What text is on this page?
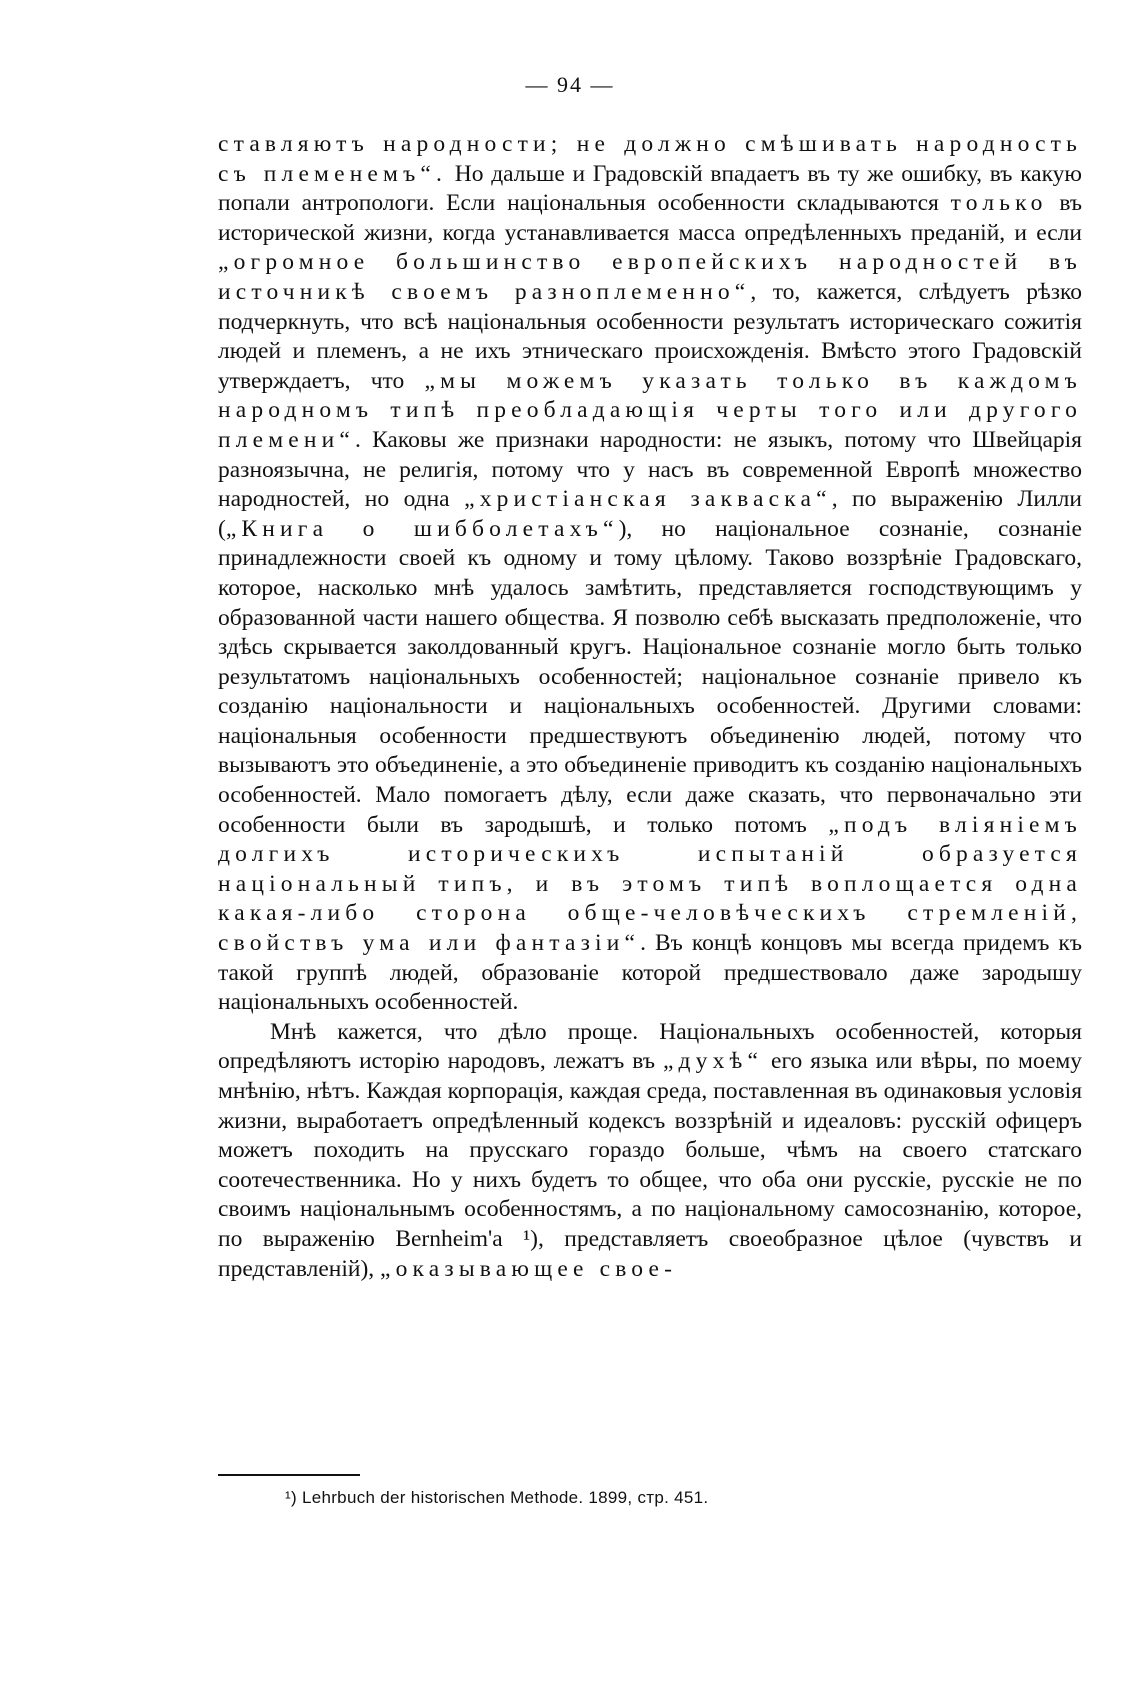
— 94 —

ставляютъ народности; не должно смѣшивать народность съ племенемъ“. Но дальше и Градовскій впадаетъ въ ту же ошибку, въ какую попали антропологи. Если національныя особенности складываются только въ исторической жизни, когда устанавливается масса опредѣленныхъ преданій, и если „огромное большинство европейскихъ народностей въ источникѣ своемъ разноплеменно“, то, кажется, слѣдуетъ рѣзко подчеркнуть, что всѣ національныя особенности результатъ историческаго сожитія людей и племенъ, а не ихъ этническаго происхожденія. Вмѣсто этого Градовскій утверждаетъ, что „мы можемъ указать только въ каждомъ народномъ типѣ преобладающія черты того или другого племени“. Каковы же признаки народности: не языкъ, потому что Швейцарія разноязычна, не религія, потому что у насъ въ современной Европѣ множество народностей, но одна „христіанская закваска“, по выраженію Лилли („Книга о шибболетахъ“), но національное сознаніе, сознаніе принадлежности своей къ одному и тому цѣлому. Таково воззрѣніе Градовскаго, которое, насколько мнѣ удалось замѣтить, представляется господствующимъ у образованной части нашего общества. Я позволю себѣ высказать предположеніе, что здѣсь скрывается заколдованный кругъ. Національное сознаніе могло быть только результатомъ національныхъ особенностей; національное сознаніе привело къ созданію національности и національныхъ особенностей. Другими словами: національныя особенности предшествуютъ объединенію людей, потому что вызываютъ это объединеніе, а это объединеніе приводитъ къ созданію національныхъ особенностей. Мало помогаетъ дѣлу, если даже сказать, что первоначально эти особенности были въ зародышѣ, и только потомъ „подъ вліяніемъ долгихъ историческихъ испытаній образуется національный типъ, и въ этомъ типѣ воплощается одна какая-либо сторона обще-человѣческихъ стремленій, свойствъ ума или фантазіи“. Въ концѣ концовъ мы всегда придемъ къ такой группѣ людей, образованіе которой предшествовало даже зародышу національныхъ особенностей.

Мнѣ кажется, что дѣло проще. Національныхъ особенностей, которыя опредѣляютъ исторію народовъ, лежатъ въ „духѣ“ его языка или вѣры, по моему мнѣнію, нѣтъ. Каждая корпорація, каждая среда, поставленная въ одинаковыя условія жизни, выработаетъ опредѣленный кодексъ воззрѣній и идеаловъ: русскій офицеръ можетъ походить на прусскаго гораздо больше, чѣмъ на своего статскаго соотечественника. Но у нихъ будетъ то общее, что оба они русскіе, русскіе не по своимъ національнымъ особенностямъ, а по національному самосознанію, которое, по выраженію Bernheim'a ¹), представляетъ своеобразное цѣлое (чувствъ и представленій), „оказывающее свое-

¹) Lehrbuch der historischen Methode. 1899, стр. 451.
